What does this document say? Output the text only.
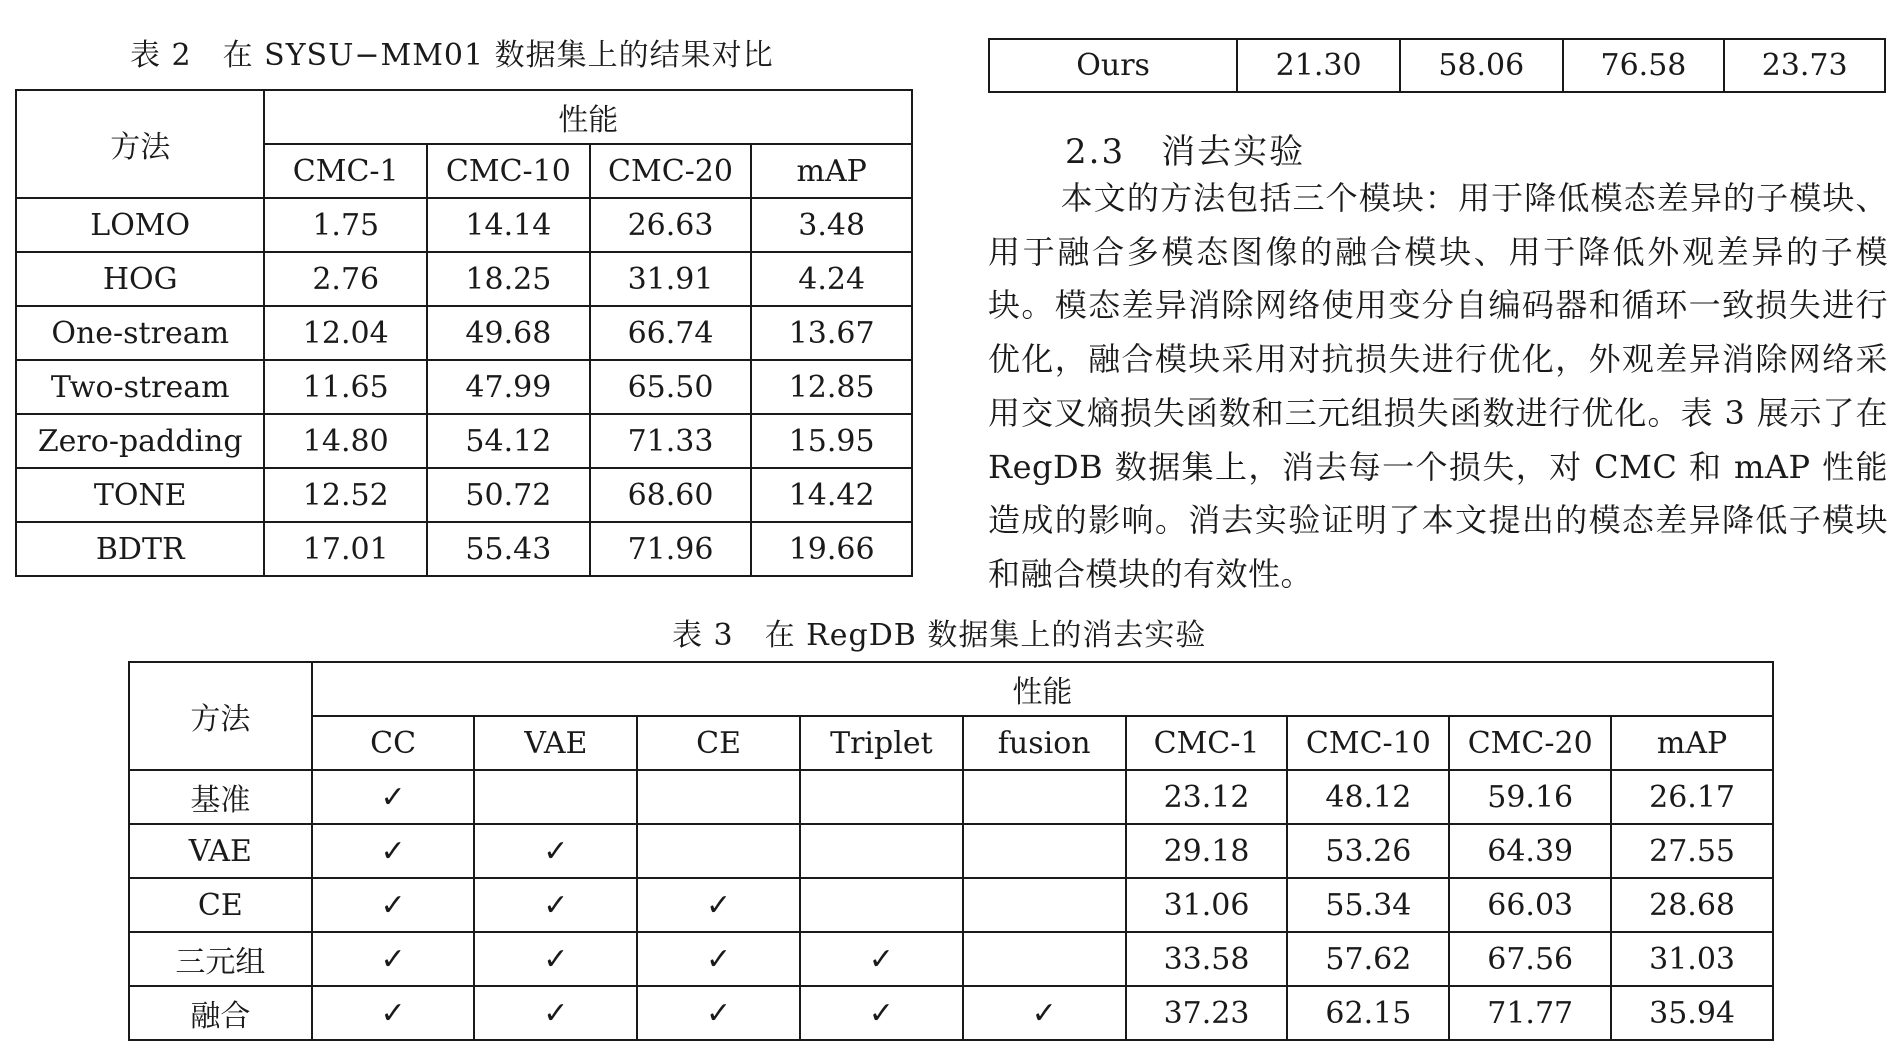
表 2　在 SYSU−MM01 数据集上的结果对比
方法	性能			
	CMC-1	CMC-10	CMC-20	mAP
LOMO	1.75	14.14	26.63	3.48
HOG	2.76	18.25	31.91	4.24
One-stream	12.04	49.68	66.74	13.67
Two-stream	11.65	47.99	65.50	12.85
Zero-padding	14.80	54.12	71.33	15.95
TONE	12.52	50.72	68.60	14.42
BDTR	17.01	55.43	71.96	19.66
Ours	21.30	58.06	76.58	23.73
2.3　消去实验
本文的方法包括三个模块：用于降低模态差异的子模块、用于融合多模态图像的融合模块、用于降低外观差异的子模块。模态差异消除网络使用变分自编码器和循环一致损失进行优化，融合模块采用对抗损失进行优化，外观差异消除网络采用交叉熵损失函数和三元组损失函数进行优化。表 3 展示了在 RegDB 数据集上，消去每一个损失，对 CMC 和 mAP 性能造成的影响。消去实验证明了本文提出的模态差异降低子模块和融合模块的有效性。
表 3　在 RegDB 数据集上的消去实验
方法	性能								
	CC	VAE	CE	Triplet	fusion	CMC-1	CMC-10	CMC-20	mAP
基准	✓					23.12	48.12	59.16	26.17
VAE	✓	✓				29.18	53.26	64.39	27.55
CE	✓	✓	✓			31.06	55.34	66.03	28.68
三元组	✓	✓	✓	✓		33.58	57.62	67.56	31.03
融合	✓	✓	✓	✓	✓	37.23	62.15	71.77	35.94
